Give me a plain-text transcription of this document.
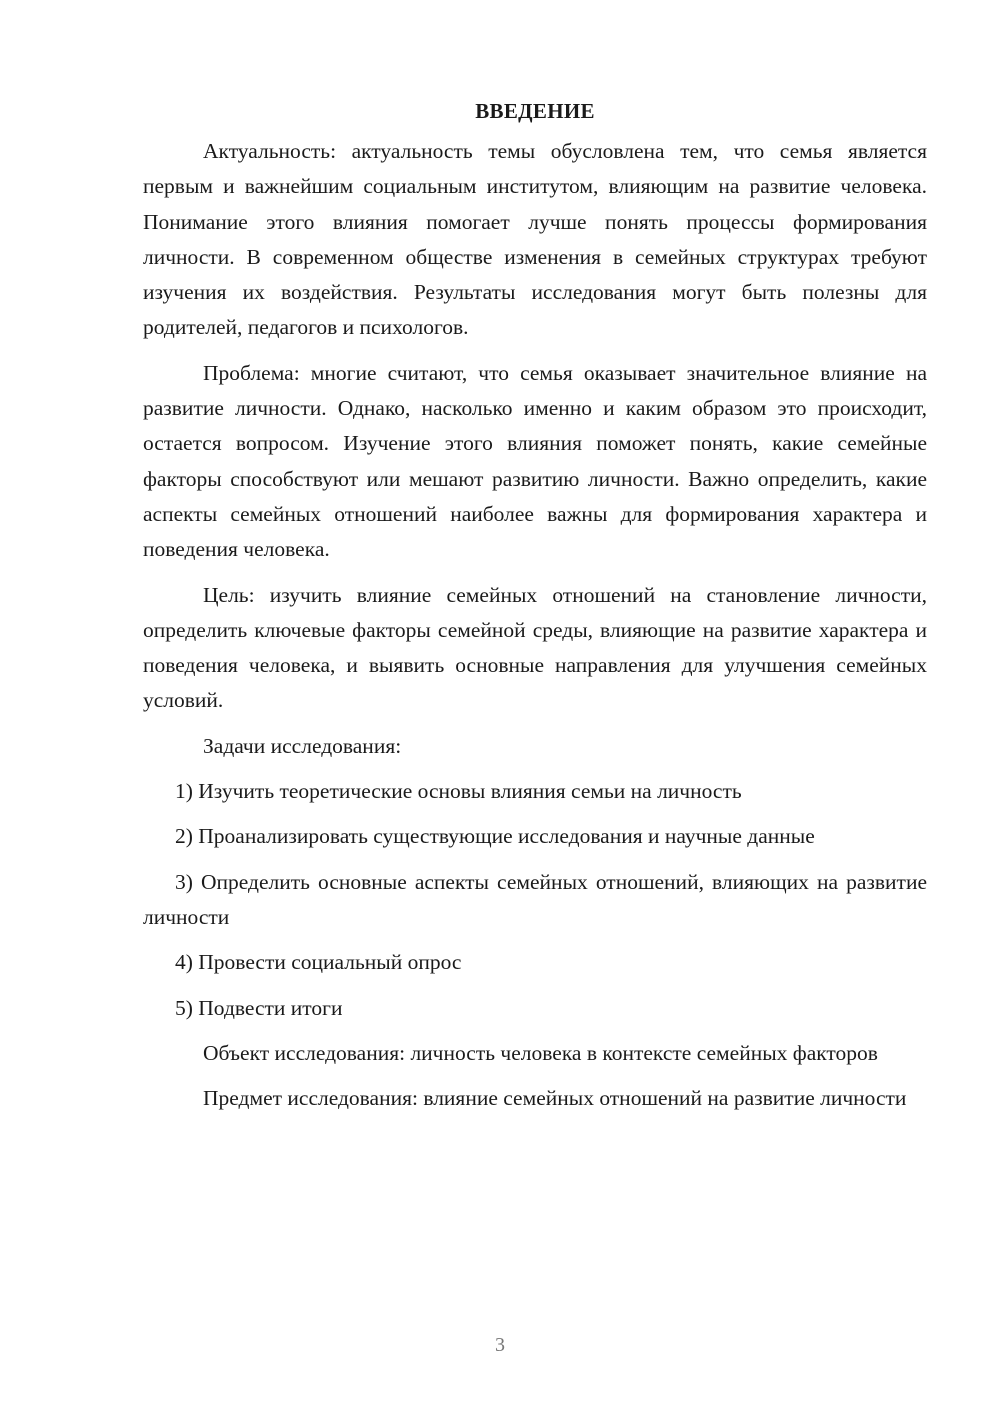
ВВЕДЕНИЕ

Актуальность: актуальность темы обусловлена тем, что семья является первым и важнейшим социальным институтом, влияющим на развитие человека. Понимание этого влияния помогает лучше понять процессы формирования личности. В современном обществе изменения в семейных структурах требуют изучения их воздействия. Результаты исследования могут быть полезны для родителей, педагогов и психологов.

Проблема: многие считают, что семья оказывает значительное влияние на развитие личности. Однако, насколько именно и каким образом это происходит, остается вопросом. Изучение этого влияния поможет понять, какие семейные факторы способствуют или мешают развитию личности. Важно определить, какие аспекты семейных отношений наиболее важны для формирования характера и поведения человека.

Цель: изучить влияние семейных отношений на становление личности, определить ключевые факторы семейной среды, влияющие на развитие характера и поведения человека, и выявить основные направления для улучшения семейных условий.

Задачи исследования:

1) Изучить теоретические основы влияния семьи на личность

2) Проанализировать существующие исследования и научные данные

3) Определить основные аспекты семейных отношений, влияющих на развитие личности

4) Провести социальный опрос

5) Подвести итоги

Объект исследования: личность человека в контексте семейных факторов

Предмет исследования: влияние семейных отношений на развитие личности

3
